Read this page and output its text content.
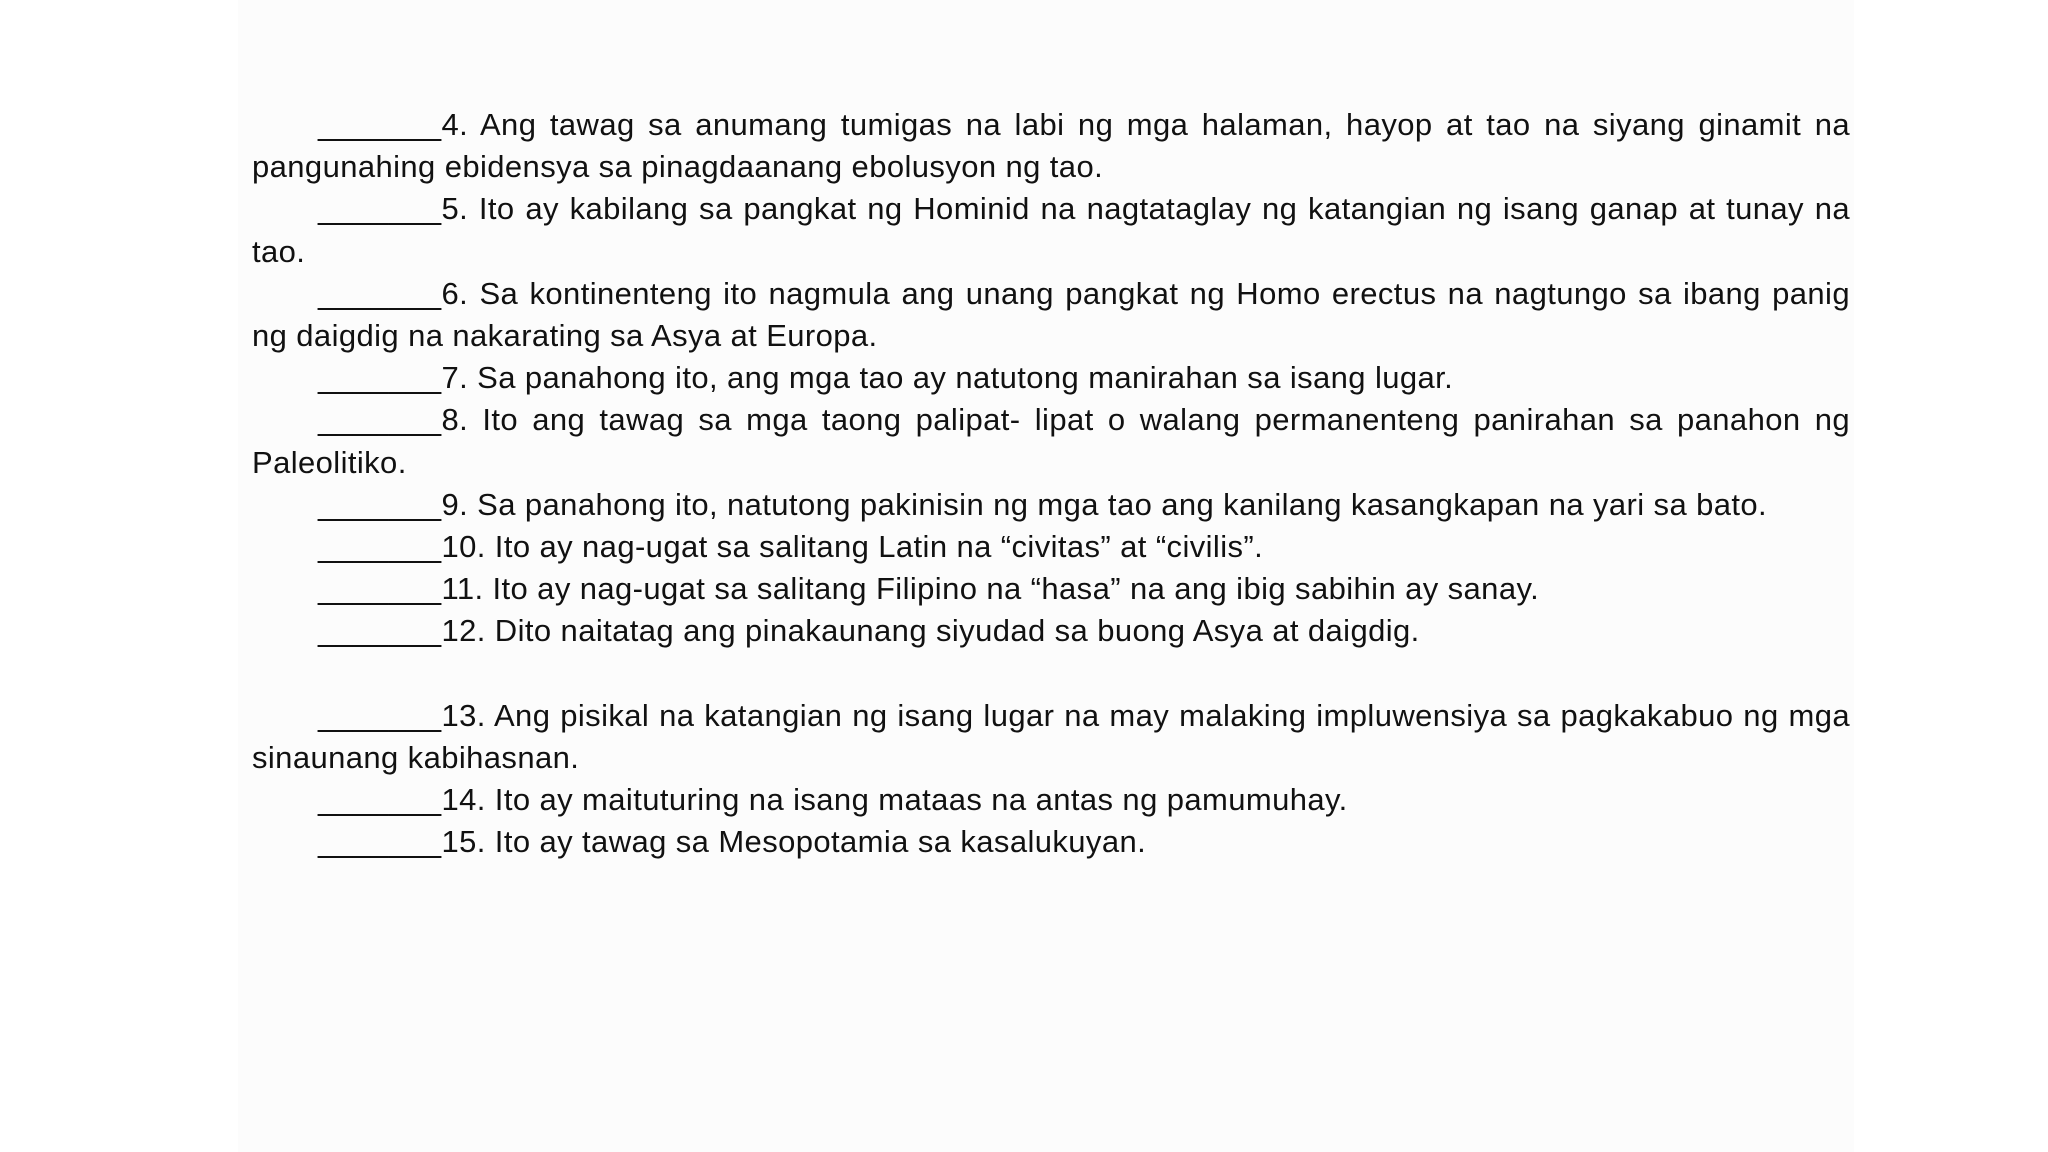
_______4. Ang tawag sa anumang tumigas na labi ng mga halaman, hayop at tao na siyang ginamit na pangunahing ebidensya sa pinagdaanang ebolusyon ng tao.

_______5. Ito ay kabilang sa pangkat ng Hominid na nagtataglay ng katangian ng isang ganap at tunay na tao.

_______6. Sa kontinenteng ito nagmula ang unang pangkat ng Homo erectus na nagtungo sa ibang panig ng daigdig na nakarating sa Asya at Europa.

_______7. Sa panahong ito, ang mga tao ay natutong manirahan sa isang lugar.

_______8. Ito ang tawag sa mga taong palipat- lipat o walang permanenteng panirahan sa panahon ng Paleolitiko.

_______9. Sa panahong ito, natutong pakinisin ng mga tao ang kanilang kasangkapan na yari sa bato.

_______10. Ito ay nag-ugat sa salitang Latin na “civitas” at “civilis”.

_______11. Ito ay nag-ugat sa salitang Filipino na “hasa” na ang ibig sabihin ay sanay.

_______12. Dito naitatag ang pinakaunang siyudad sa buong Asya at daigdig.

_______13. Ang pisikal na katangian ng isang lugar na may malaking impluwensiya sa pagkakabuo ng mga sinaunang kabihasnan.

_______14. Ito ay maituturing na isang mataas na antas ng pamumuhay.

_______15. Ito ay tawag sa Mesopotamia sa kasalukuyan.
